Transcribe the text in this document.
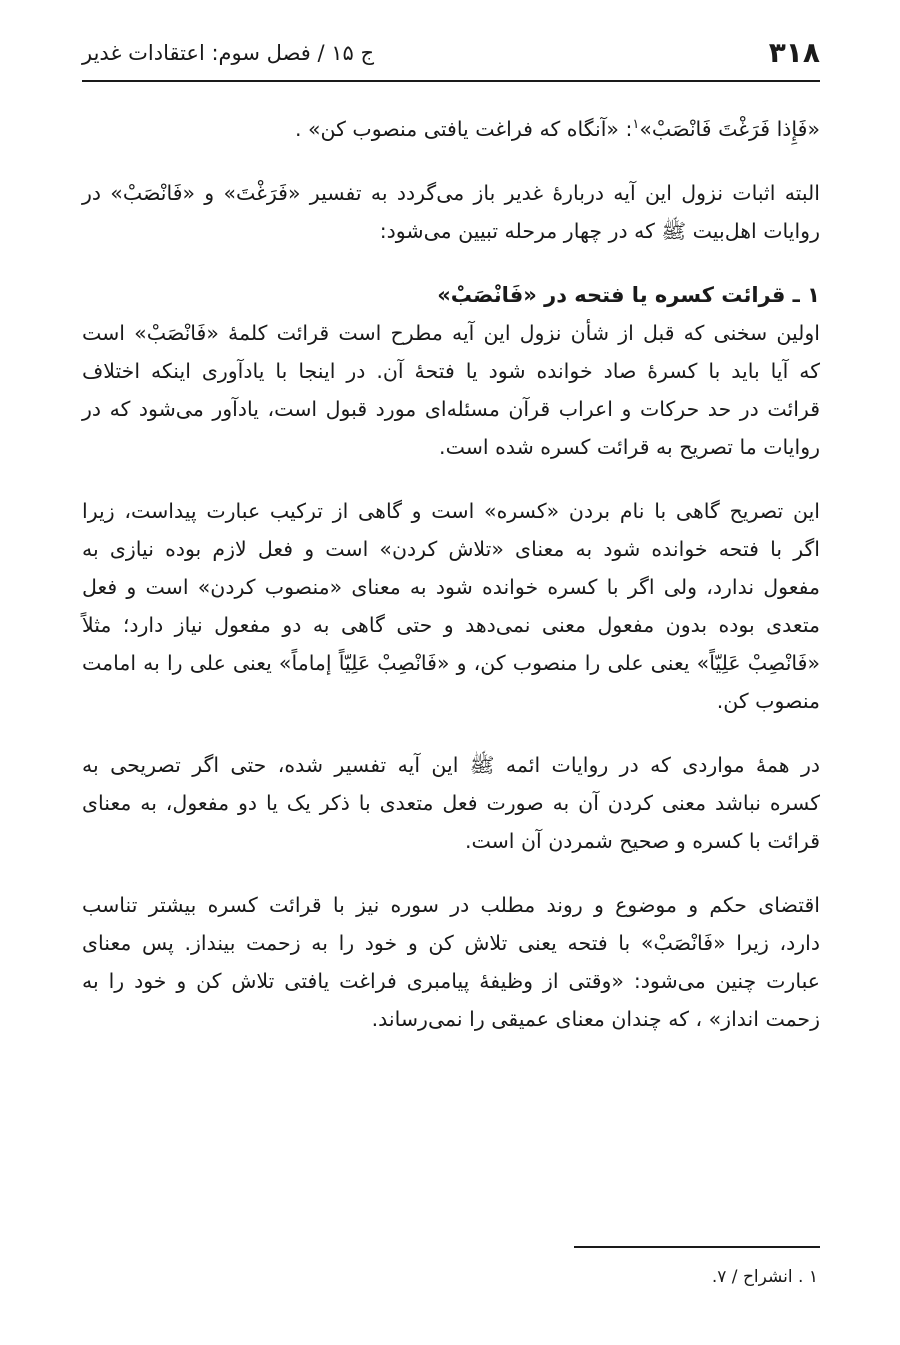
۳۱۸
ج ۱۵ / فصل سوم: اعتقادات غدیر

«فَإِذا فَرَغْتَ فَانْصَبْ»$^۱$: «آنگاه که فراغت یافتی منصوب کن» .

البته اثبات نزول این آیه دربارهٔ غدیر باز می‌گردد به تفسیر «فَرَغْتَ» و «فَانْصَبْ» در

روایات اهل‌بیت ﷺ که در چهار مرحله تبیین می‌شود:

۱ ـ قرائت کسره یا فتحه در «فَانْصَبْ»

اولین سخنی که قبل از شأن نزول این آیه مطرح است قرائت کلمهٔ «فَانْصَبْ» است

که آیا باید با کسرهٔ صاد خوانده شود یا فتحهٔ آن. در اینجا با یادآوری اینکه اختلاف

قرائت در حد حرکات و اعراب قرآن مسئله‌ای مورد قبول است، یادآور می‌شود که در

روایات ما تصریح به قرائت کسره شده است.

این تصریح گاهی با نام بردن «کسره» است و گاهی از ترکیب عبارت پیداست، زیرا

اگر با فتحه خوانده شود به معنای «تلاش کردن» است و فعل لازم بوده نیازی به

مفعول ندارد، ولی اگر با کسره خوانده شود به معنای «منصوب کردن» است و فعل

متعدی بوده بدون مفعول معنی نمی‌دهد و حتی گاهی به دو مفعول نیاز دارد؛ مثلاً

«فَانْصِبْ عَلِیّاً» یعنی علی را منصوب کن، و «فَانْصِبْ عَلِیّاً إماماً» یعنی علی را به امامت

منصوب کن.

در همهٔ مواردی که در روایات ائمه ﷺ این آیه تفسیر شده، حتی اگر تصریحی به

کسره نباشد معنی کردن آن به صورت فعل متعدی با ذکر یک یا دو مفعول، به معنای

قرائت با کسره و صحیح شمردن آن است.

اقتضای حکم و موضوع و روند مطلب در سوره نیز با قرائت کسره بیشتر تناسب

دارد، زیرا «فَانْصَبْ» با فتحه یعنی تلاش کن و خود را به زحمت بینداز. پس معنای

عبارت چنین می‌شود: «وقتی از وظیفهٔ پیامبری فراغت یافتی تلاش کن و خود را به

زحمت انداز» ، که چندان معنای عمیقی را نمی‌رساند.

۱ . انشراح / ۷.
